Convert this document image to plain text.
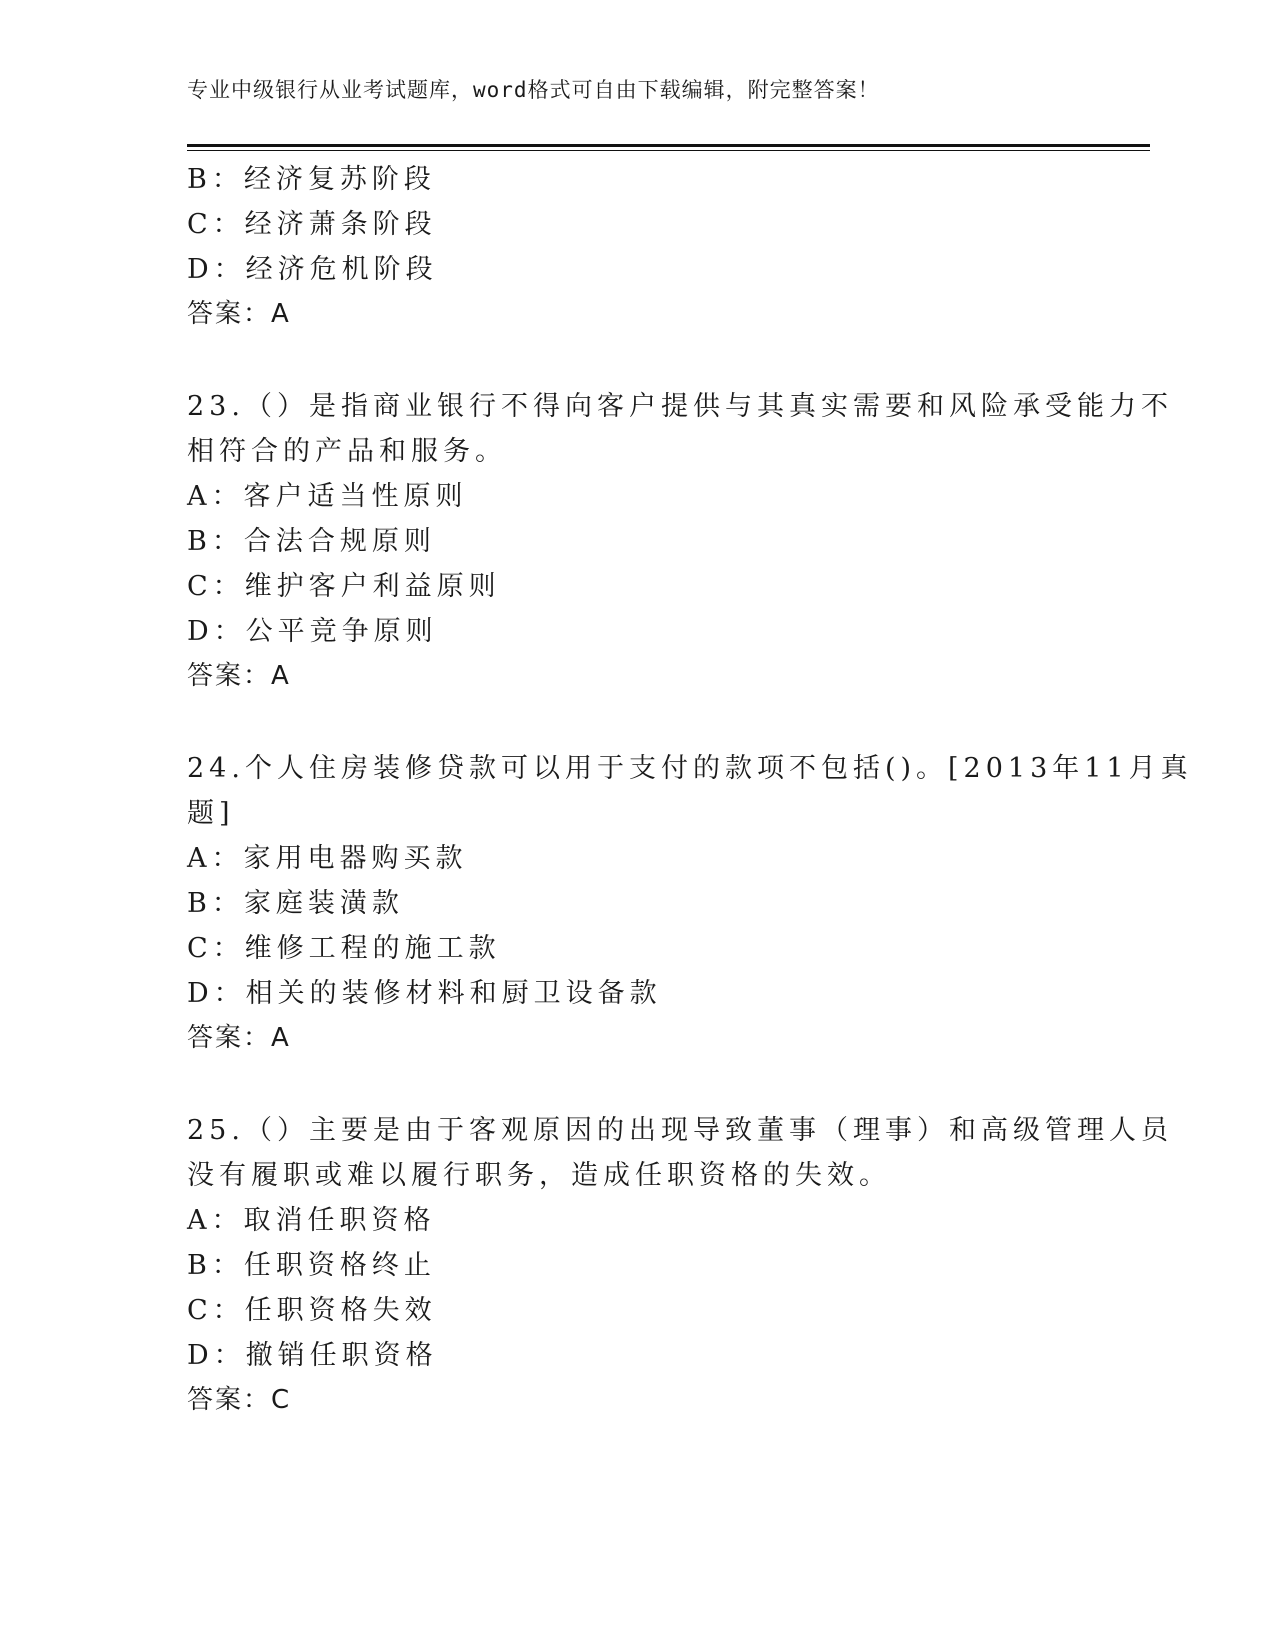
专业中级银行从业考试题库，word格式可自由下载编辑，附完整答案！
B：经济复苏阶段
C：经济萧条阶段
D：经济危机阶段
答案：A
23.（）是指商业银行不得向客户提供与其真实需要和风险承受能力不
相符合的产品和服务。
A：客户适当性原则
B：合法合规原则
C：维护客户利益原则
D：公平竞争原则
答案：A
24.个人住房装修贷款可以用于支付的款项不包括()。[2013年11月真
题]
A：家用电器购买款
B：家庭装潢款
C：维修工程的施工款
D：相关的装修材料和厨卫设备款
答案：A
25.（）主要是由于客观原因的出现导致董事（理事）和高级管理人员
没有履职或难以履行职务，造成任职资格的失效。
A：取消任职资格
B：任职资格终止
C：任职资格失效
D：撤销任职资格
答案：C
